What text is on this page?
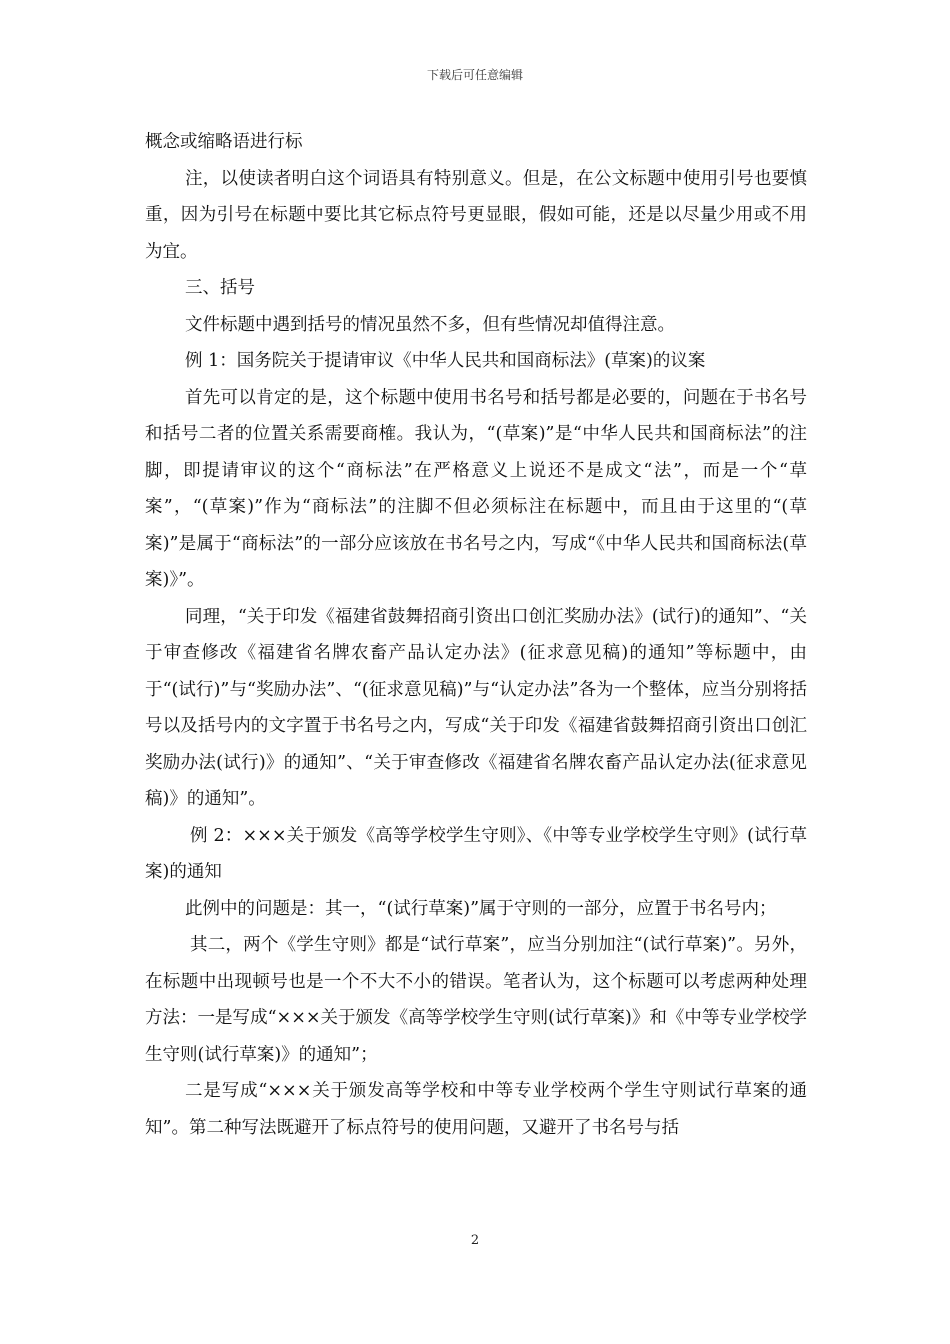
下载后可任意编辑

概念或缩略语进行标

注，以使读者明白这个词语具有特别意义。但是，在公文标题中使用引号也要慎重，因为引号在标题中要比其它标点符号更显眼，假如可能，还是以尽量少用或不用为宜。

三、括号

文件标题中遇到括号的情况虽然不多，但有些情况却值得注意。

例 1：国务院关于提请审议《中华人民共和国商标法》(草案)的议案

首先可以肯定的是，这个标题中使用书名号和括号都是必要的，问题在于书名号和括号二者的位置关系需要商榷。我认为，“(草案)”是“中华人民共和国商标法”的注脚，即提请审议的这个“商标法”在严格意义上说还不是成文“法”，而是一个“草案”，“(草案)”作为“商标法”的注脚不但必须标注在标题中，而且由于这里的“(草案)”是属于“商标法”的一部分应该放在书名号之内，写成“《中华人民共和国商标法(草案)》”。

同理，“关于印发《福建省鼓舞招商引资出口创汇奖励办法》(试行)的通知”、“关于审查修改《福建省名牌农畜产品认定办法》(征求意见稿)的通知”等标题中，由于“(试行)”与“奖励办法”、“(征求意见稿)”与“认定办法”各为一个整体，应当分别将括号以及括号内的文字置于书名号之内，写成“关于印发《福建省鼓舞招商引资出口创汇奖励办法(试行)》的通知”、“关于审查修改《福建省名牌农畜产品认定办法(征求意见稿)》的通知”。

例 2：×××关于颁发《高等学校学生守则》、《中等专业学校学生守则》(试行草案)的通知

此例中的问题是：其一，“(试行草案)”属于守则的一部分，应置于书名号内；

其二，两个《学生守则》都是“试行草案”，应当分别加注“(试行草案)”。另外，在标题中出现顿号也是一个不大不小的错误。笔者认为，这个标题可以考虑两种处理方法：一是写成“×××关于颁发《高等学校学生守则(试行草案)》和《中等专业学校学生守则(试行草案)》的通知”；

二是写成“×××关于颁发高等学校和中等专业学校两个学生守则试行草案的通知”。第二种写法既避开了标点符号的使用问题，又避开了书名号与括

2
